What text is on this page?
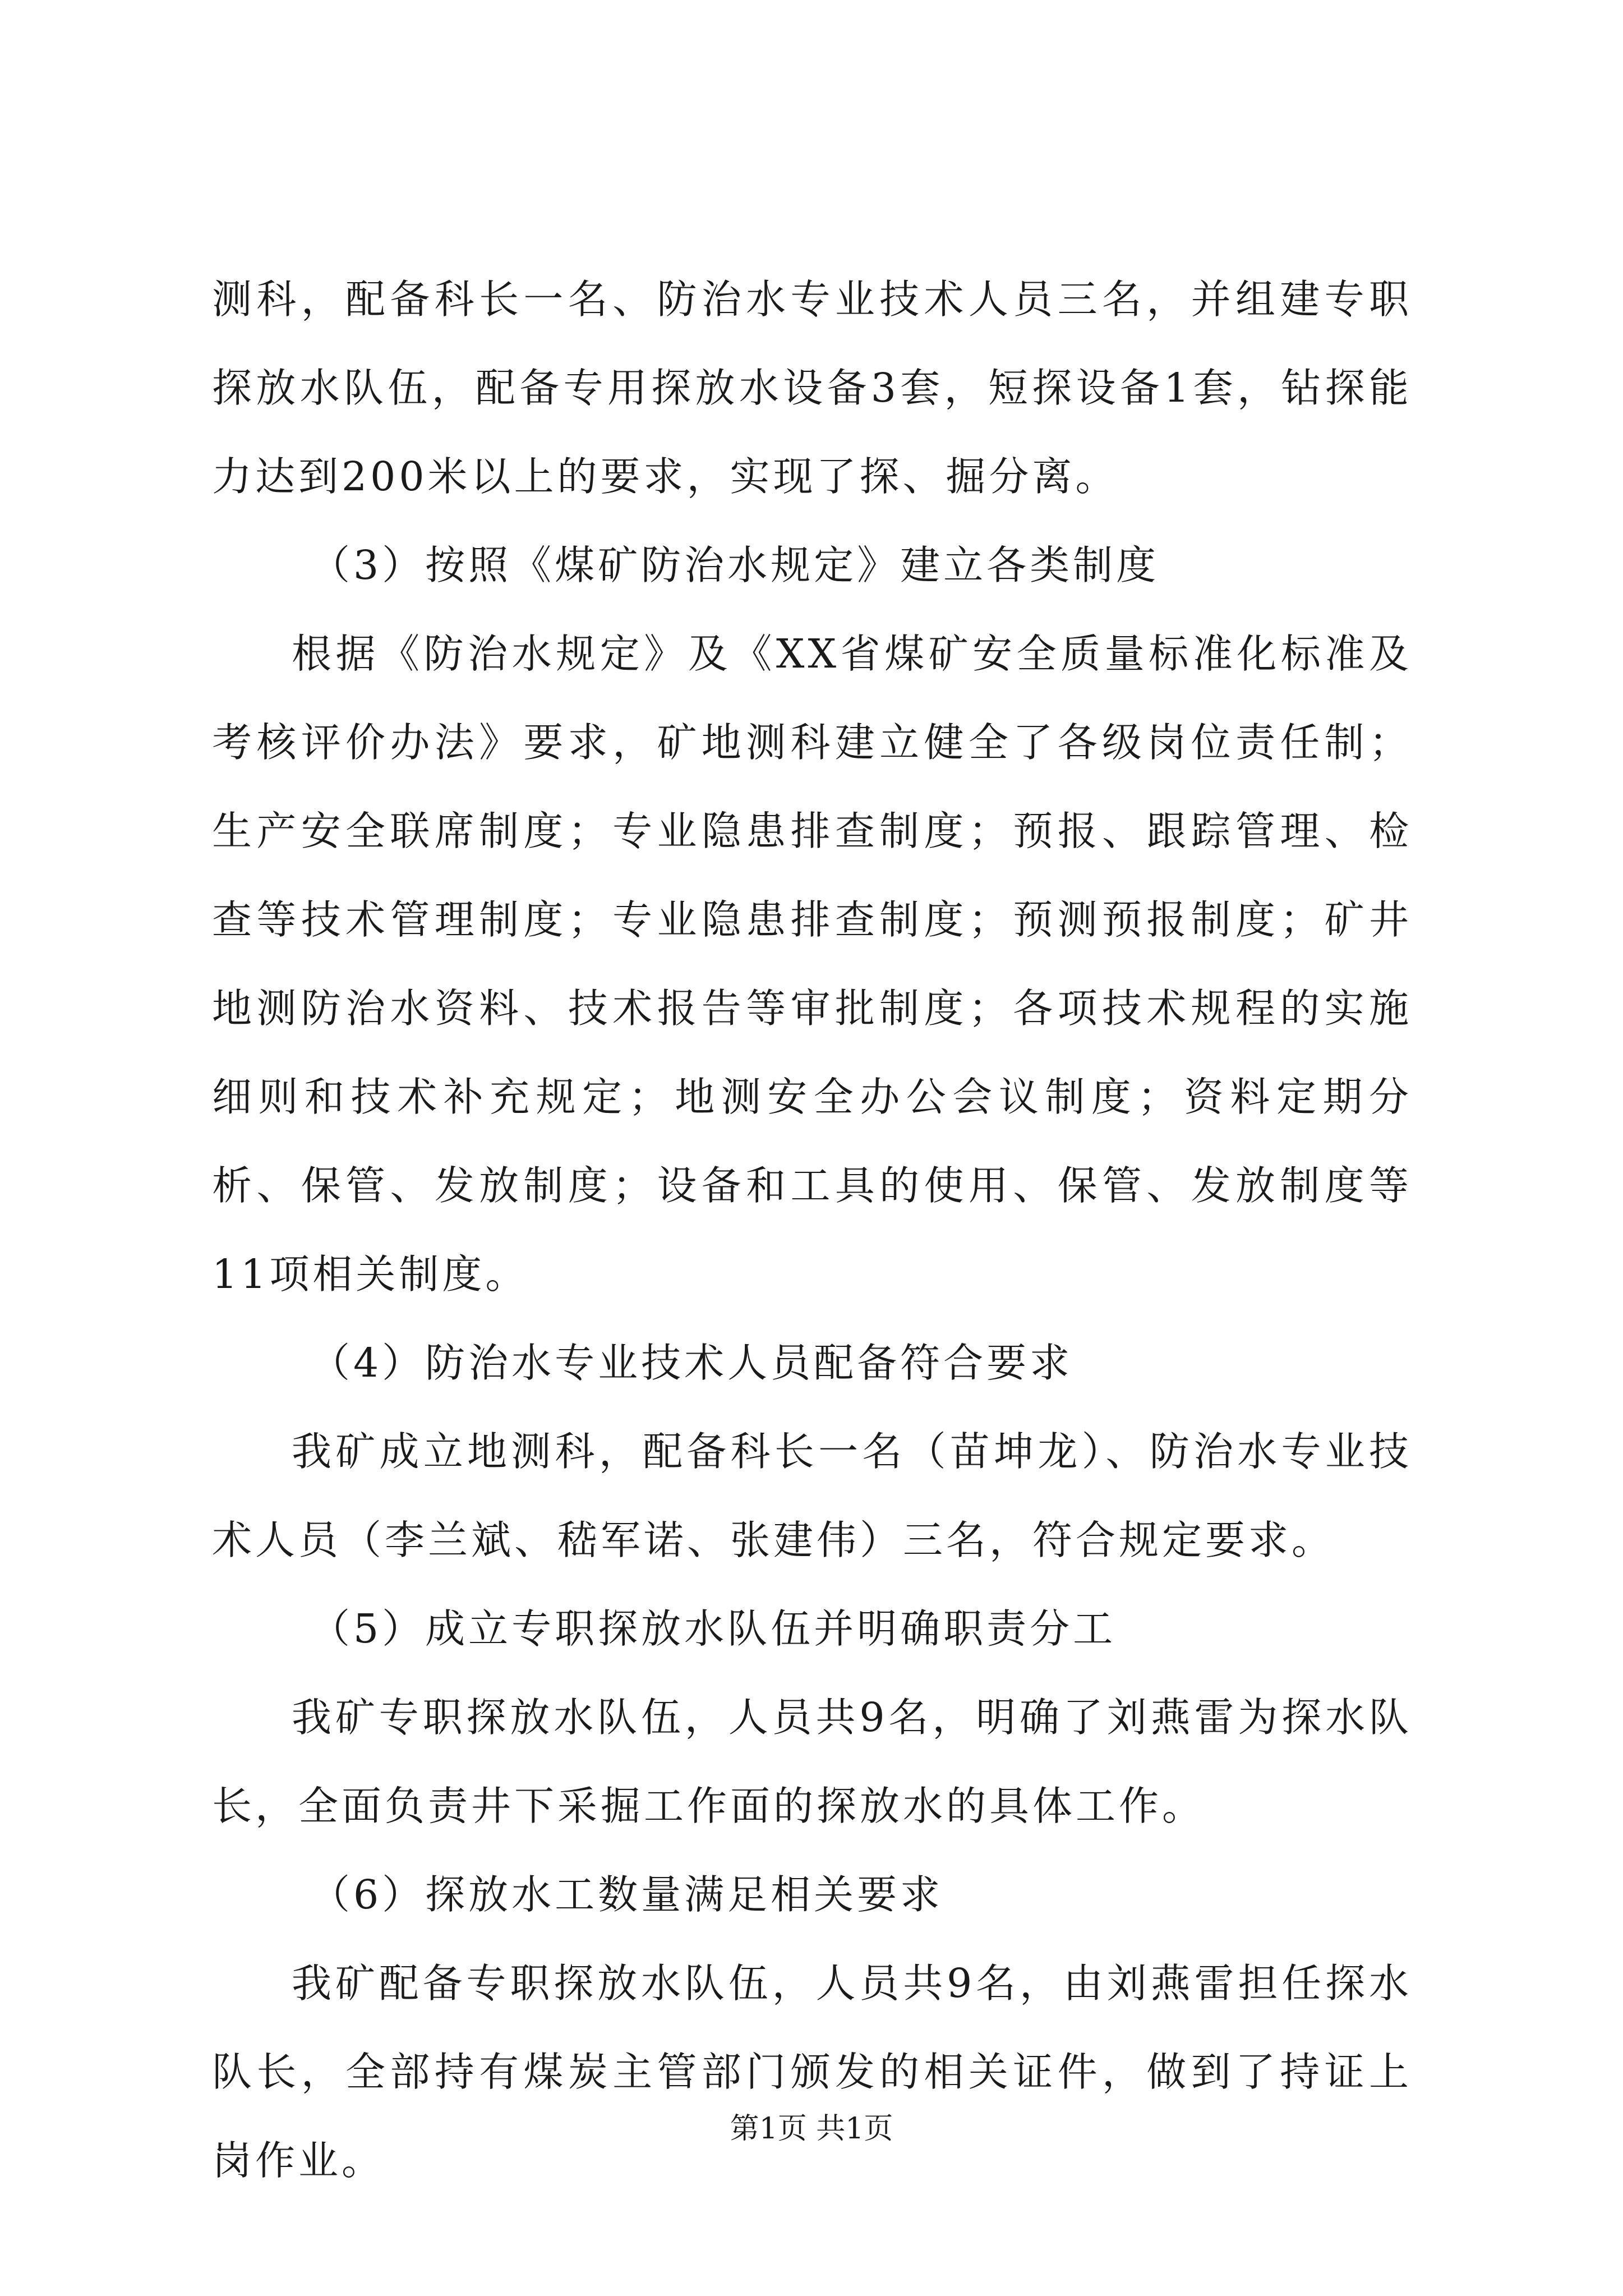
测科，配备科长一名、防治水专业技术人员三名，并组建专职探放水队伍，配备专用探放水设备3套，短探设备1套，钻探能力达到200米以上的要求，实现了探、掘分离。

（3）按照《煤矿防治水规定》建立各类制度

根据《防治水规定》及《XX省煤矿安全质量标准化标准及考核评价办法》要求，矿地测科建立健全了各级岗位责任制；生产安全联席制度；专业隐患排查制度；预报、跟踪管理、检查等技术管理制度；专业隐患排查制度；预测预报制度；矿井地测防治水资料、技术报告等审批制度；各项技术规程的实施细则和技术补充规定；地测安全办公会议制度；资料定期分析、保管、发放制度；设备和工具的使用、保管、发放制度等11项相关制度。

（4）防治水专业技术人员配备符合要求

我矿成立地测科，配备科长一名（苗坤龙）、防治水专业技术人员（李兰斌、嵇军诺、张建伟）三名，符合规定要求。

（5）成立专职探放水队伍并明确职责分工

我矿专职探放水队伍，人员共9名，明确了刘燕雷为探水队长，全面负责井下采掘工作面的探放水的具体工作。

（6）探放水工数量满足相关要求

我矿配备专职探放水队伍，人员共9名，由刘燕雷担任探水队长，全部持有煤炭主管部门颁发的相关证件，做到了持证上岗作业。

第1页 共1页
